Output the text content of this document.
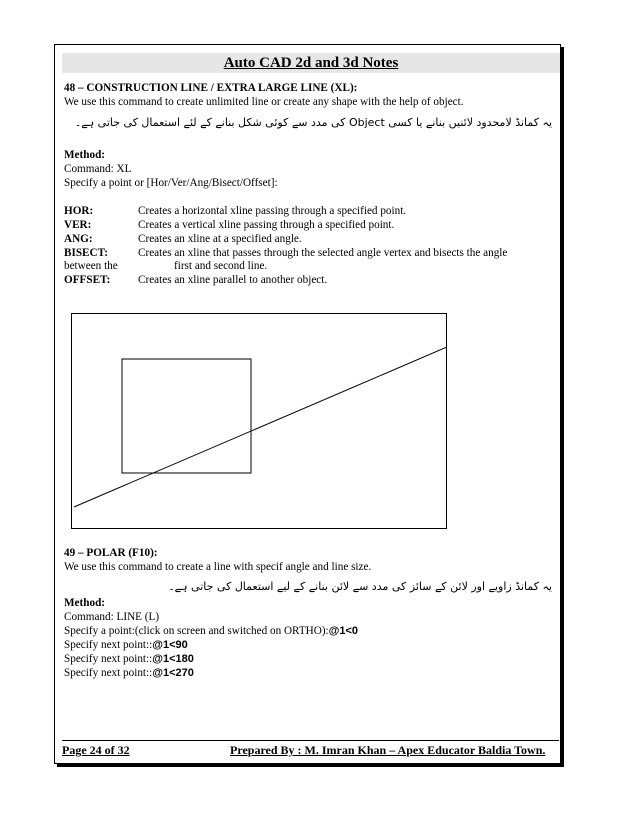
Auto CAD 2d and 3d Notes
48 – CONSTRUCTION LINE / EXTRA LARGE LINE (XL):
We use this command to create unlimited line or create any shape with the help of object.
یہ کمانڈ لامحدود لائنیں بنانے یا کسی Object کی مدد سے کوئی شکل بنانے کے لئے استعمال کی جاتی ہے۔
Method:
Command: XL
Specify a point or [Hor/Ver/Ang/Bisect/Offset]:
HOR:	Creates a horizontal xline passing through a specified point.
VER:	Creates a vertical xline passing through a specified point.
ANG:	Creates an xline at a specified angle.
BISECT:	Creates an xline that passes through the selected angle vertex and bisects the angle
between the	first and second line.
OFFSET:	Creates an xline parallel to another object.
49 – POLAR (F10):
We use this command to create a line with specif angle and line size.
یہ کمانڈ زاویے اور لائن کے سائز کی مدد سے لائن بنانے کے لیے استعمال کی جاتی ہے۔
Method:
Command: LINE (L)
Specify a point:(click on screen and switched on ORTHO):@1<0
Specify next point::@1<90
Specify next point::@1<180
Specify next point::@1<270
Page 24 of 32	Prepared By : M. Imran Khan – Apex Educator Baldia Town.
